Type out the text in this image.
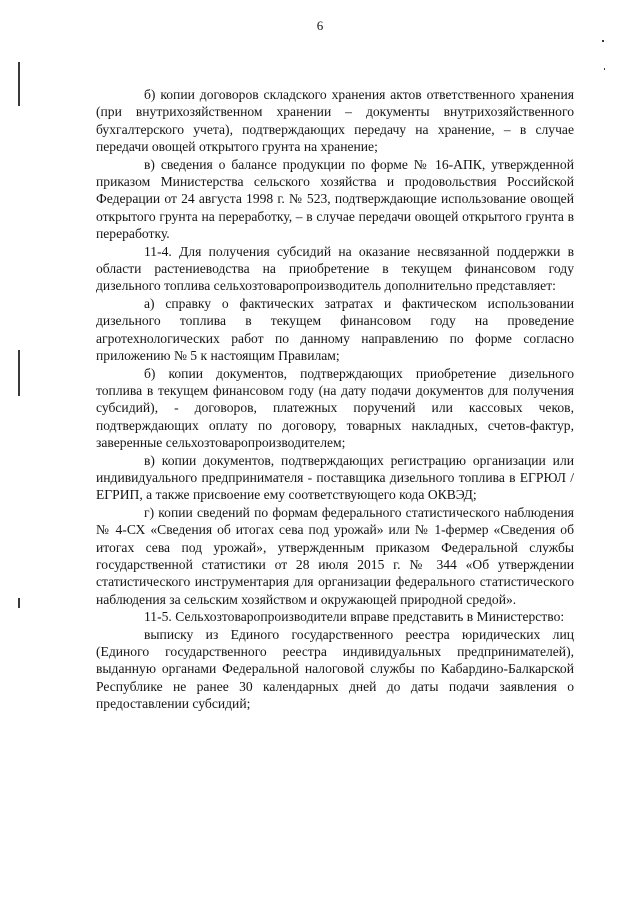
6

б) копии договоров складского хранения актов ответственного хранения (при внутрихозяйственном хранении – документы внутрихозяйственного бухгалтерского учета), подтверждающих передачу на хранение, – в случае передачи овощей открытого грунта на хранение;

в) сведения о балансе продукции по форме № 16-АПК, утвержденной приказом Министерства сельского хозяйства и продовольствия Российской Федерации от 24 августа 1998 г. № 523, подтверждающие использование овощей открытого грунта на переработку, – в случае передачи овощей открытого грунта в переработку.

11-4. Для получения субсидий на оказание несвязанной поддержки в области растениеводства на приобретение в текущем финансовом году дизельного топлива сельхозтоваропроизводитель дополнительно представляет:

а) справку о фактических затратах и фактическом использовании дизельного топлива в текущем финансовом году на проведение агротехнологических работ по данному направлению по форме согласно приложению № 5 к настоящим Правилам;

б) копии документов, подтверждающих приобретение дизельного топлива в текущем финансовом году (на дату подачи документов для получения субсидий), - договоров, платежных поручений или кассовых чеков, подтверждающих оплату по договору, товарных накладных, счетов-фактур, заверенные сельхозтоваропроизводителем;

в) копии документов, подтверждающих регистрацию организации или индивидуального предпринимателя - поставщика дизельного топлива в ЕГРЮЛ /ЕГРИП, а также присвоение ему соответствующего кода ОКВЭД;

г) копии сведений по формам федерального статистического наблюдения № 4-СХ «Сведения об итогах сева под урожай» или № 1-фермер «Сведения об итогах сева под урожай», утвержденным приказом Федеральной службы государственной статистики от 28 июля 2015 г. № 344 «Об утверждении статистического инструментария для организации федерального статистического наблюдения за сельским хозяйством и окружающей природной средой».

11-5. Сельхозтоваропроизводители вправе представить в Министерство:

выписку из Единого государственного реестра юридических лиц (Единого государственного реестра индивидуальных предпринимателей), выданную органами Федеральной налоговой службы по Кабардино-Балкарской Республике не ранее 30 календарных дней до даты подачи заявления о предоставлении субсидий;
